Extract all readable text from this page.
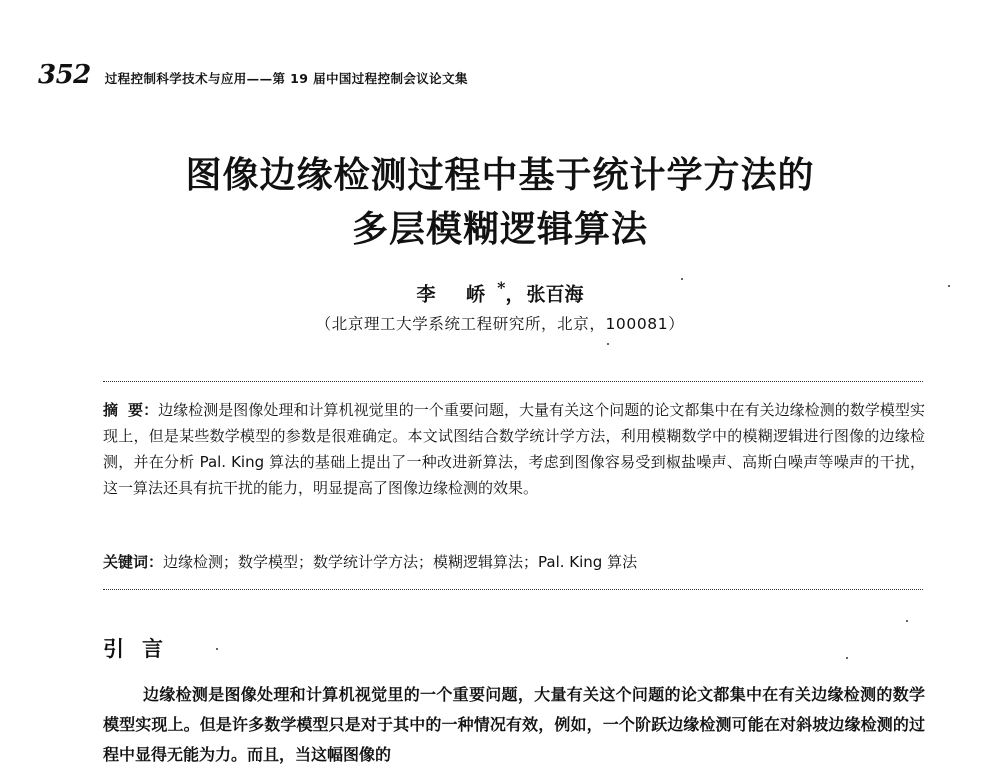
352 过程控制科学技术与应用——第 19 届中国过程控制会议论文集
图像边缘检测过程中基于统计学方法的
多层模糊逻辑算法
李 峤*，张百海
（北京理工大学系统工程研究所，北京，100081）
摘要：边缘检测是图像处理和计算机视觉里的一个重要问题，大量有关这个问题的论文都集中在有关边缘检测的数学模型实现上，但是某些数学模型的参数是很难确定。本文试图结合数学统计学方法，利用模糊数学中的模糊逻辑进行图像的边缘检测，并在分析 Pal. King 算法的基础上提出了一种改进新算法，考虑到图像容易受到椒盐噪声、高斯白噪声等噪声的干扰，这一算法还具有抗干扰的能力，明显提高了图像边缘检测的效果。
关键词：边缘检测；数学模型；数学统计学方法；模糊逻辑算法；Pal. King 算法
引言
边缘检测是图像处理和计算机视觉里的一个重要问题，大量有关这个问题的论文都集中在有关边缘检测的数学模型实现上。但是许多数学模型只是对于其中的一种情况有效，例如，一个阶跃边缘检测可能在对斜坡边缘检测的过程中显得无能为力。而且，当这幅图像的
